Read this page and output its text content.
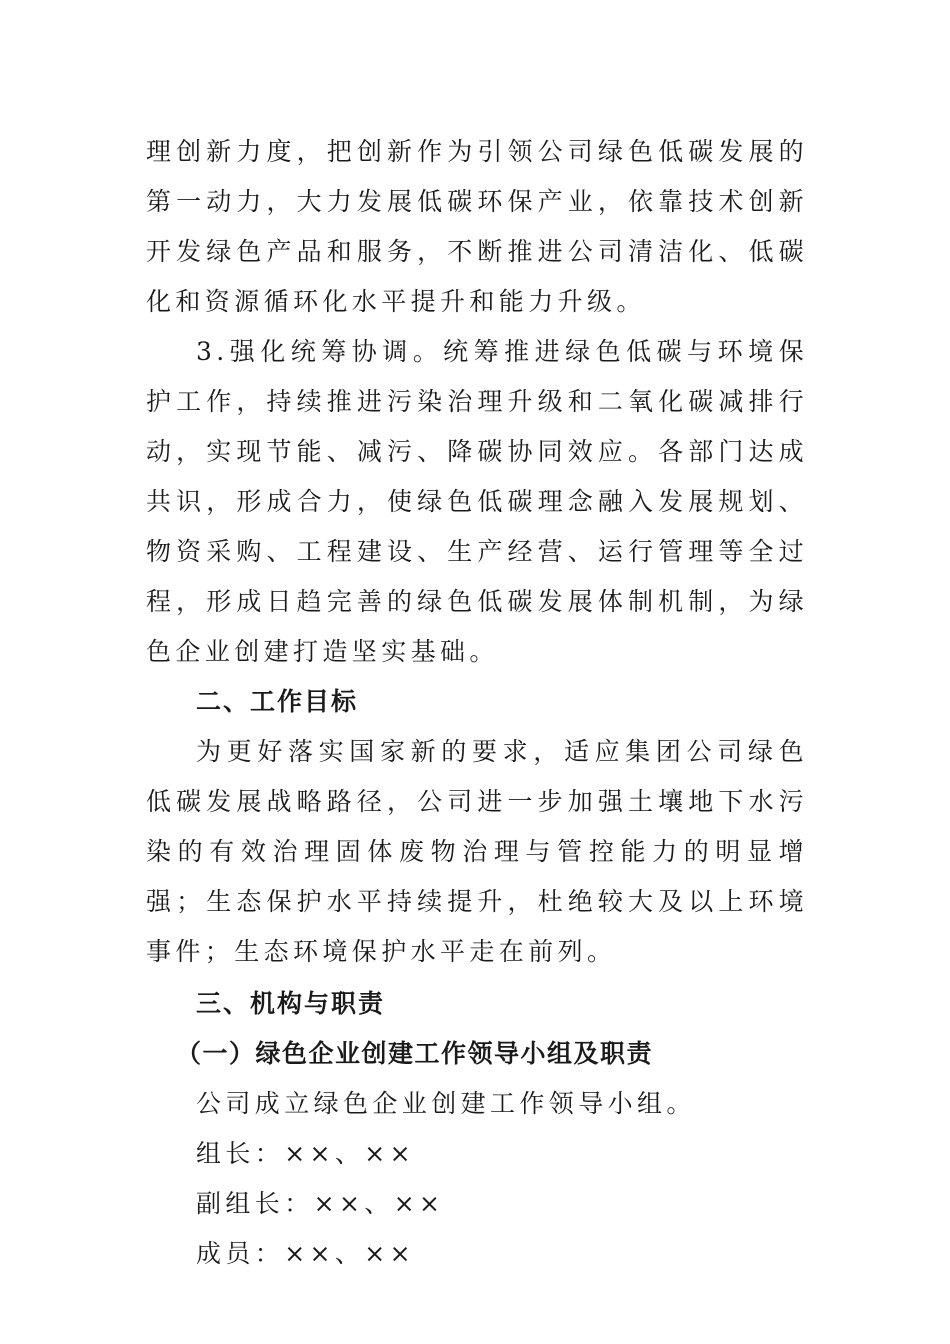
理创新力度，把创新作为引领公司绿色低碳发展的第一动力，大力发展低碳环保产业，依靠技术创新开发绿色产品和服务，不断推进公司清洁化、低碳化和资源循环化水平提升和能力升级。

3.强化统筹协调。统筹推进绿色低碳与环境保护工作，持续推进污染治理升级和二氧化碳减排行动，实现节能、减污、降碳协同效应。各部门达成共识，形成合力，使绿色低碳理念融入发展规划、物资采购、工程建设、生产经营、运行管理等全过程，形成日趋完善的绿色低碳发展体制机制，为绿色企业创建打造坚实基础。

二、工作目标

为更好落实国家新的要求，适应集团公司绿色低碳发展战略路径，公司进一步加强土壤地下水污染的有效治理固体废物治理与管控能力的明显增强；生态保护水平持续提升，杜绝较大及以上环境事件；生态环境保护水平走在前列。

三、机构与职责

（一）绿色企业创建工作领导小组及职责

公司成立绿色企业创建工作领导小组。

组长：××、××

副组长：××、××

成员：××、××
